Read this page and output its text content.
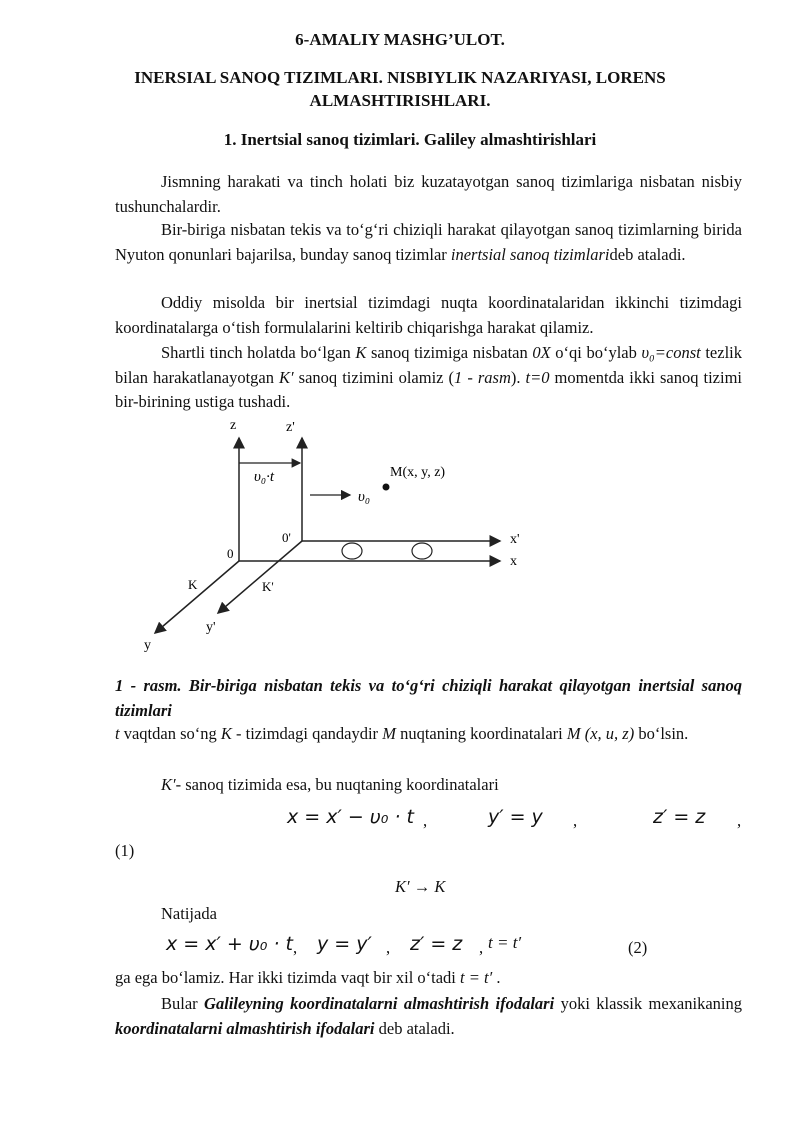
6-AMALIY MASHG’ULOT.
INERSIAL SANOQ TIZIMLARI. NISBIYLIK NAZARIYASI, LORENS ALMASHTIRISHLARI.
1. Inertsial sanoq tizimlari. Galiley almashtirishlari
Jismning harakati va tinch holati biz kuzatayotgan sanoq tizimlariga nisbatan nisbiy tushunchalardir.
Bir-biriga nisbatan tekis va to‘g‘ri chiziqli harakat qilayotgan sanoq tizimlarning birida Nyuton qonunlari bajarilsa, bunday sanoq tizimlar inertsial sanoq tizimlarideb ataladi.
Oddiy misolda bir inertsial tizimdagi nuqta koordinatalaridan ikkinchi tizimdagi koordinatalarga o‘tish formulalarini keltirib chiqarishga harakat qilamiz.
Shartli tinch holatda bo‘lgan K sanoq tizimiga nisbatan 0X o‘qi bo‘ylab υ₀=const tezlik bilan harakatlanayotgan K′ sanoq tizimini olamiz (1 - rasm). t=0 momentda ikki sanoq tizimi bir-birining ustiga tushadi.
z	z'
υ₀·t	M(x, y, z)
υ₀
x'
x
0
0'
K	K'
y
y'
1 - rasm. Bir-biriga nisbatan tekis va to‘g‘ri chiziqli harakat qilayotgan inertsial sanoq tizimlari
t vaqtdan so‘ng K - tizimdagi qandaydir M nuqtaning koordinatalari M (x, u, z) bo‘lsin.
K′- sanoq tizimida esa, bu nuqtaning koordinatalari
x = x′ − υ₀ · t ,	y′ = y ,	z′ = z ,
(1)
K′ → K
Natijada
x = x′ + υ₀ · t , y = y′ , z′ = z , t = t′	(2)
ga ega bo‘lamiz. Har ikki tizimda vaqt bir xil o‘tadi t = t′ .
Bular Galileyning koordinatalarni almashtirish ifodalari yoki klassik mexanikaning koordinatalarni almashtirish ifodalari deb ataladi.
